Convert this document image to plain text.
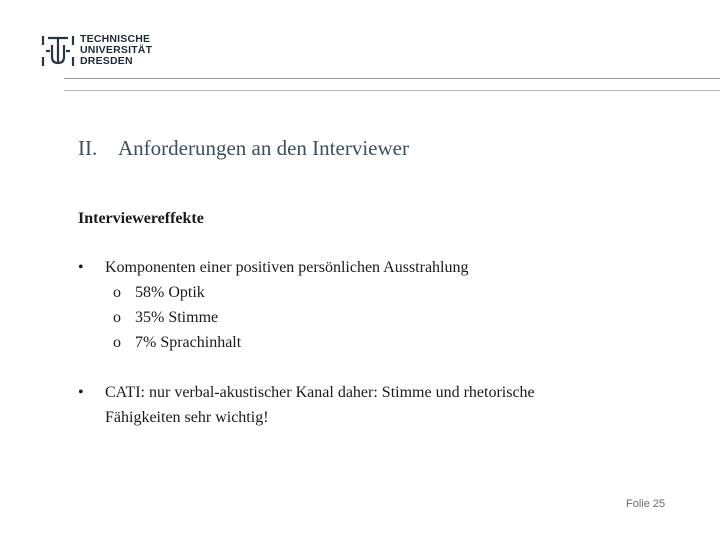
TECHNISCHE
UNIVERSITÄT
DRESDEN
II. Anforderungen an den Interviewer
Interviewereffekte
•	Komponenten einer positiven persönlichen Ausstrahlung
o 58% Optik
o 35% Stimme
o 7% Sprachinhalt
•	CATI: nur verbal-akustischer Kanal daher: Stimme und rhetorische
Fähigkeiten sehr wichtig!
Folie 25
